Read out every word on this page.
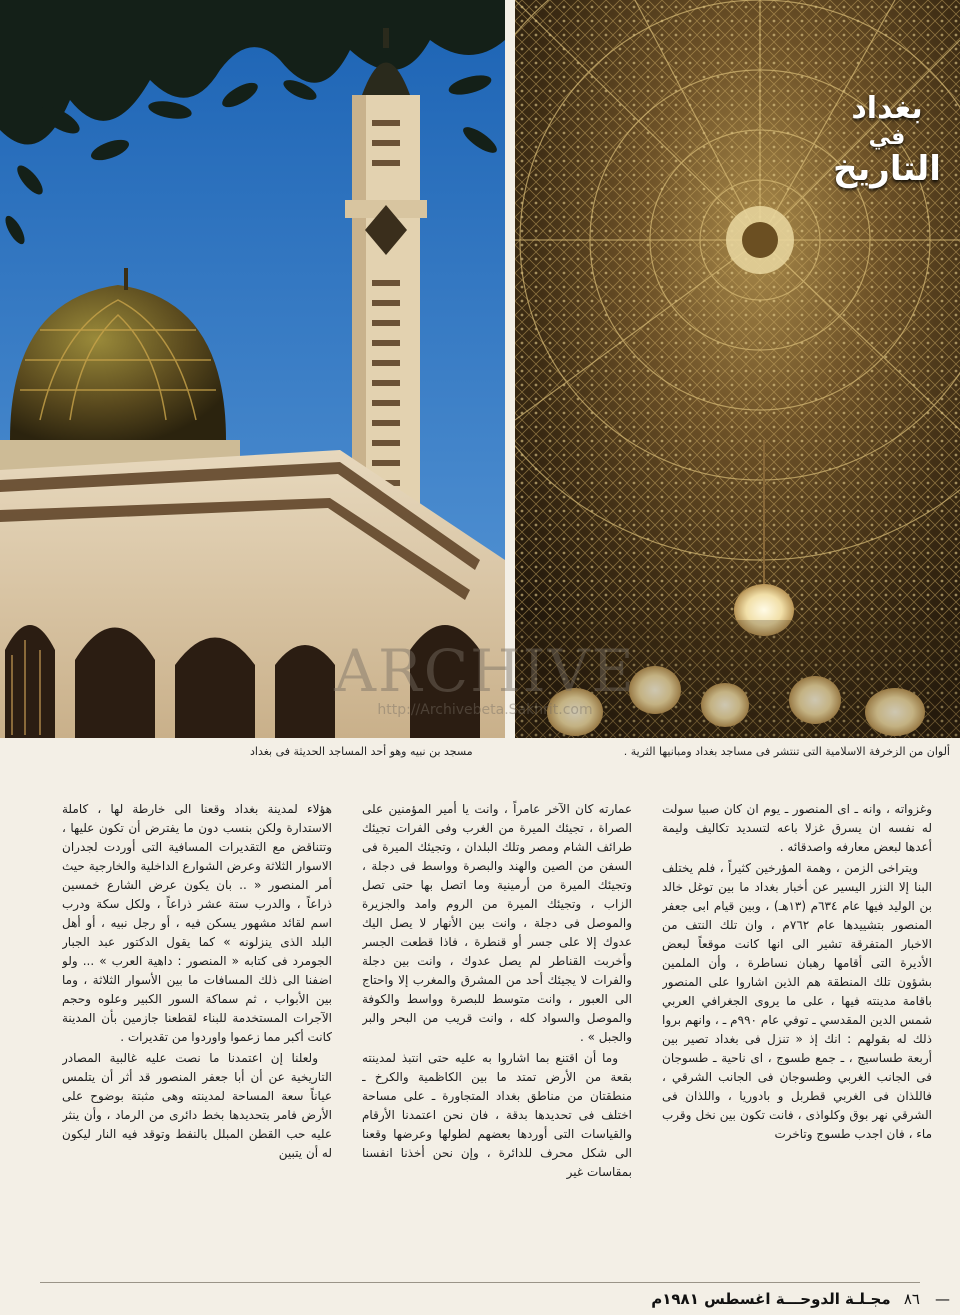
بغداد
في
التاريخ
ARCHIVE
http://Archivebeta.Sakhrit.com
ألوان من الزخرفة الاسلامية التى تنتشر فى مساجد بغداد ومبانيها الثرية .
مسجد بن نبيه وهو أحد المساجد الحديثة فى بغداد

وغزواته ، وانه ـ اى المنصور ـ يوم ان كان صبيا سولت له نفسه ان يسرق غزلا باعه لتسديد تكاليف وليمة أعدها لبعض معارفه واصدقائه .

ويتراخى الزمن ، وهمة المؤرخين كثيراً ، فلم يختلف البنا إلا النزر اليسير عن أخبار بغداد ما بين توغل خالد بن الوليد فيها عام ٦٣٤م (١٣هـ) ، وبين قيام ابى جعفر المنصور بتشييدها عام ٧٦٢م ، وان تلك النتف من الاخبار المتفرقة تشير الى انها كانت موقعاً لبعض الأديرة التى أقامها رهبان نساطرة ، وأن الملمين بشؤون تلك المنطقة هم الذين اشاروا على المنصور باقامة مدينته فيها ، على ما يروى الجغرافي العربي شمس الدين المقدسي ـ توفي عام ٩٩٠م ـ ، وانهم بروا ذلك له بقولهم : انك إذ « تنزل فى بغداد تصير بين أربعة طساسيج ، ـ جمع طسوج ، اى ناحية ـ طسوجان فى الجانب الغربي وطسوجان فى الجانب الشرقي ، فاللذان فى الغربي قطربل و بادوريا ، واللذان فى الشرقي نهر بوق وكلواذى ، فانت تكون بين نخل وقرب ماء ، فان اجدب طسوج وتاخرت

عمارته كان الآخر عامراً ، وانت يا أمير المؤمنين على الصراة ، تجيئك الميرة من الغرب وفى الفرات تجيئك طرائف الشام ومصر وتلك البلدان ، وتجيئك الميرة فى السفن من الصين والهند والبصرة وواسط فى دجلة ، وتجيئك الميرة من أرمينية وما اتصل بها حتى تصل الزاب ، وتجيئك الميرة من الروم وامد والجزيرة والموصل فى دجلة ، وانت بين الأنهار لا يصل اليك عدوك إلا على جسر أو قنطرة ، فاذا قطعت الجسر وأخربت القناطر لم يصل عدوك ، وانت بين دجلة والفرات لا يجيئك أحد من المشرق والمغرب إلا واحتاج الى العبور ، وانت متوسط للبصرة وواسط والكوفة والموصل والسواد كله ، وانت قريب من البحر والبر والجبل » .

وما أن اقتنع بما اشاروا به عليه حتى انتبذ لمدينته بقعة من الأرض تمتد ما بين الكاظمية والكرخ ـ منطقتان من مناطق بغداد المتجاورة ـ على مساحة اختلف فى تحديدها بدقة ، فان نحن اعتمدنا الأرقام والقياسات التى أوردها بعضهم لطولها وعرضها وقعنا الى شكل محرف للدائرة ، وإن نحن أخذنا انفسنا بمقاسات غير

هؤلاء لمدينة بغداد وقعنا الى خارطة لها ، كاملة الاستدارة ولكن بنسب دون ما يفترض أن تكون عليها ، وتتناقض مع التقديرات المسافية التى أوردت لجدران الاسوار الثلاثة وعرض الشوارع الداخلية والخارجية حيث أمر المنصور « .. بان يكون عرض الشارع خمسين ذراعاً ، والدرب ستة عشر ذراعاً ، ولكل سكة ودرب اسم لقائد مشهور يسكن فيه ، أو رجل نبيه ، أو أهل البلد الذى ينزلونه » كما يقول الدكتور عبد الجبار الجومرد فى كتابه « المنصور : داهية العرب » ... ولو اضفنا الى ذلك المسافات ما بين الأسوار الثلاثة ، وما بين الأبواب ، ثم سماكة السور الكبير وعلوه وحجم الآجرات المستخدمة للبناء لقطعنا جازمين بأن المدينة كانت أكبر مما زعموا واوردوا من تقديرات .

ولعلنا إن اعتمدنا ما نصت عليه غالبية المصادر التاريخية عن أن أبا جعفر المنصور قد أثر أن يتلمس عياناً سعة المساحة لمدينته وهى مثبتة بوضوح على الأرض فامر بتحديدها بخط دائرى من الرماد ، وأن ينثر عليه حب القطن المبلل بالنفط وتوقد فيه النار ليكون له أن يتبين

—
٨٦ مجـلـة الدوحـــة اغسطس ١٩٨١م
